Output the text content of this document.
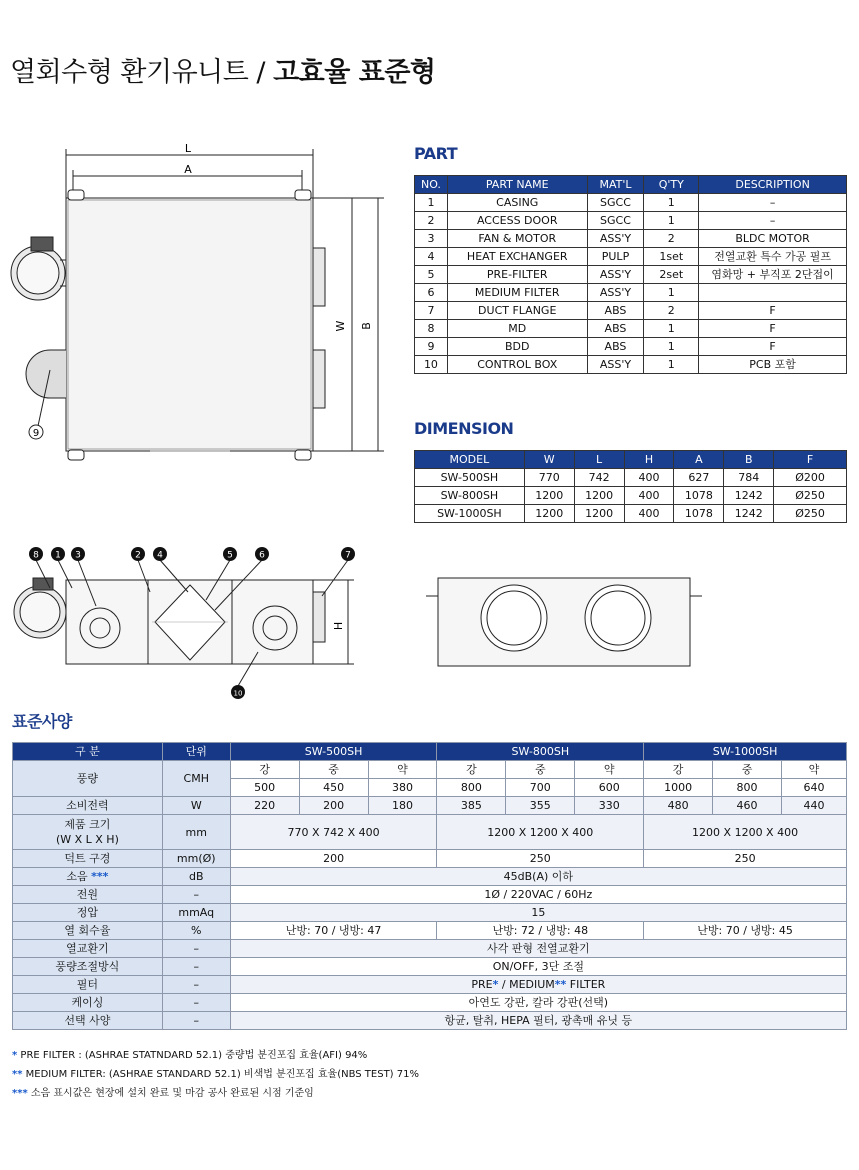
열회수형 환기유니트 / 고효율 표준형
9
L
A
W B
PART
NO.	PART NAME	MAT'L	Q'TY	DESCRIPTION
1	CASING	SGCC	1	–
2	ACCESS DOOR	SGCC	1	–
3	FAN & MOTOR	ASS'Y	2	BLDC MOTOR
4	HEAT EXCHANGER	PULP	1set	전열교환 특수 가공 필프
5	PRE-FILTER	ASS'Y	2set	염화망 + 부직포 2단접이
6	MEDIUM FILTER	ASS'Y	1	
7	DUCT FLANGE	ABS	2	F
8	MD	ABS	1	F
9	BDD	ABS	1	F
10	CONTROL BOX	ASS'Y	1	PCB 포함
DIMENSION
MODEL	W	L	H	A	B	F
SW-500SH	770	742	400	627	784	Ø200
SW-800SH	1200	1200	400	1078	1242	Ø250
SW-1000SH	1200	1200	400	1078	1242	Ø250
8 1 3	2 4	5	6	7
10
H
표준사양
구 분	단위	SW-500SH			SW-800SH			SW-1000SH		
풍량	CMH	강	중	약	강	중	약	강	중	약
		500	450	380	800	700	600	1000	800	640
소비전력	W	220	200	180	385	355	330	480	460	440
제품 크기
(W X L X H)	mm	770 X 742 X 400			1200 X 1200 X 400			1200 X 1200 X 400		
덕트 구경	mm(Ø)	200			250			250		
소음 ***	dB	45dB(A) 이하								
전원	–	1Ø / 220VAC / 60Hz								
정압	mmAq	15								
열 회수율	%	난방: 70 / 냉방: 47			난방: 72 / 냉방: 48			난방: 70 / 냉방: 45		
열교환기	–	사각 판형 전열교환기								
풍량조절방식	–	ON/OFF, 3단 조절								
필터	–	PRE* / MEDIUM** FILTER								
케이싱	–	아연도 강판, 칼라 강판(선택)								
선택 사양	–	항균, 탈취, HEPA 필터, 광촉매 유닛 등								
* PRE FILTER : (ASHRAE STATNDARD 52.1) 중량법 분진포집 효율(AFI) 94%
** MEDIUM FILTER: (ASHRAE STANDARD 52.1) 비색법 분진포집 효율(NBS TEST) 71%
*** 소음 표시값은 현장에 설치 완료 및 마감 공사 완료된 시점 기준임
